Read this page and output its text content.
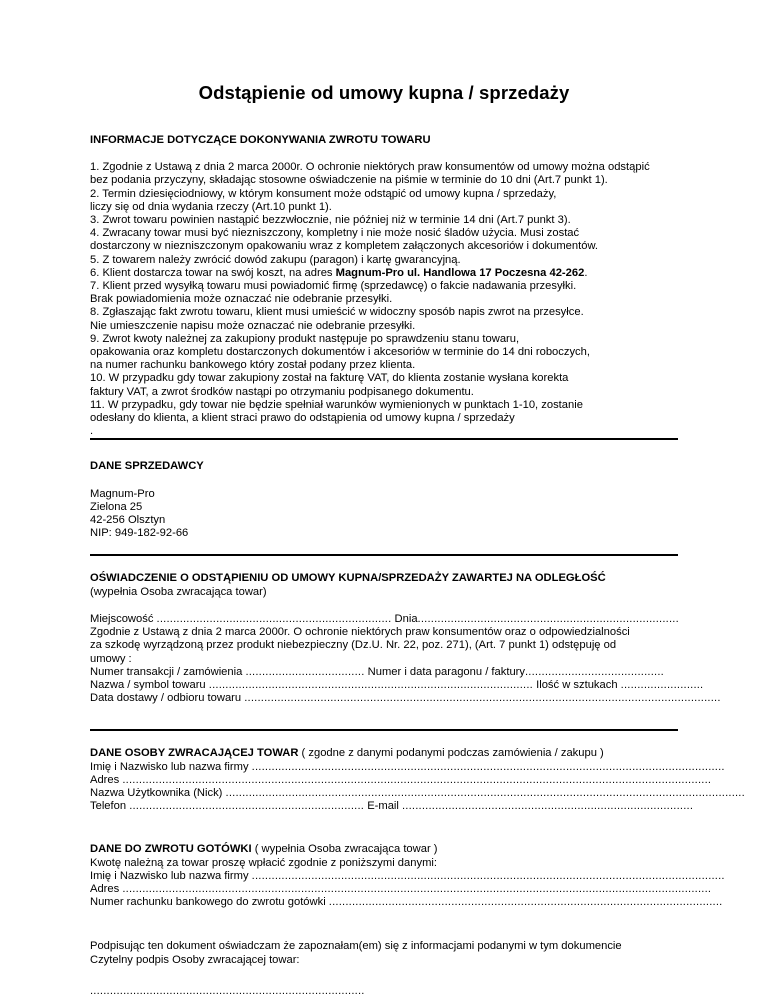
Odstąpienie od umowy kupna / sprzedaży
INFORMACJE DOTYCZĄCE DOKONYWANIA ZWROTU TOWARU
1. Zgodnie z Ustawą z dnia 2 marca 2000r. O ochronie niektórych praw konsumentów od umowy można odstąpić
bez podania przyczyny, składając stosowne oświadczenie na piśmie w terminie do 10 dni (Art.7 punkt 1).
2. Termin dziesięciodniowy, w którym konsument może odstąpić od umowy kupna / sprzedaży,
liczy się od dnia wydania rzeczy (Art.10 punkt 1).
3. Zwrot towaru powinien nastąpić bezzwłocznie, nie później niż w terminie 14 dni (Art.7 punkt 3).
4. Zwracany towar musi być niezniszczony, kompletny i nie może nosić śladów użycia. Musi zostać
dostarczony w niezniszczonym opakowaniu wraz z kompletem załączonych akcesoriów i dokumentów.
5. Z towarem należy zwrócić dowód zakupu (paragon) i kartę gwarancyjną.
6. Klient dostarcza towar na swój koszt, na adres Magnum-Pro ul. Handlowa 17 Poczesna 42-262.
7. Klient przed wysyłką towaru musi powiadomić firmę (sprzedawcę) o fakcie nadawania przesyłki.
Brak powiadomienia może oznaczać nie odebranie przesyłki.
8. Zgłaszając fakt zwrotu towaru, klient musi umieścić w widoczny sposób napis zwrot na przesyłce.
Nie umieszczenie napisu może oznaczać nie odebranie przesyłki.
9. Zwrot kwoty należnej za zakupiony produkt następuje po sprawdzeniu stanu towaru,
opakowania oraz kompletu dostarczonych dokumentów i akcesoriów w terminie do 14 dni roboczych,
na numer rachunku bankowego który został podany przez klienta.
10. W przypadku gdy towar zakupiony został na fakturę VAT, do klienta zostanie wysłana korekta
faktury VAT, a zwrot środków nastąpi po otrzymaniu podpisanego dokumentu.
11. W przypadku, gdy towar nie będzie spełniał warunków wymienionych w punktach 1-10, zostanie
odesłany do klienta, a klient straci prawo do odstąpienia od umowy kupna / sprzedaży
.
DANE SPRZEDAWCY
Magnum-Pro
Zielona 25
42-256 Olsztyn
NIP: 949-182-92-66
OŚWIADCZENIE O ODSTĄPIENIU OD UMOWY KUPNA/SPRZEDAŻY ZAWARTEJ NA ODLEGŁOŚĆ
(wypełnia Osoba zwracająca towar)
Miejscowość ....................................................................... Dnia...............................................................................
Zgodnie z Ustawą z dnia 2 marca 2000r. O ochronie niektórych praw konsumentów oraz o odpowiedzialności
za szkodę wyrządzoną przez produkt niebezpieczny (Dz.U. Nr. 22, poz. 271), (Art. 7 punkt 1) odstępuję od
umowy :
Numer transakcji / zamówienia .................................... Numer i data paragonu / faktury..........................................
Nazwa / symbol towaru .................................................................................................. Ilość w sztukach .........................
Data dostawy / odbioru towaru ................................................................................................................................................
DANE OSOBY ZWRACAJĄCEJ TOWAR ( zgodne z danymi podanymi podczas zamówienia / zakupu )
Imię i Nazwisko lub nazwa firmy ...............................................................................................................................................
Adres ..................................................................................................................................................................................
Nazwa Użytkownika (Nick) .............................................................................................................................................................
Telefon ....................................................................... E-mail ........................................................................................
DANE DO ZWROTU GOTÓWKI ( wypełnia Osoba zwracająca towar )
Kwotę należną za towar proszę wpłacić zgodnie z poniższymi danymi:
Imię i Nazwisko lub nazwa firmy ...............................................................................................................................................
Adres ..................................................................................................................................................................................
Numer rachunku bankowego do zwrotu gotówki .......................................................................................................................
Podpisując ten dokument oświadczam że zapoznałam(em) się z informacjami podanymi w tym dokumencie
Czytelny podpis Osoby zwracającej towar:
...................................................................................
